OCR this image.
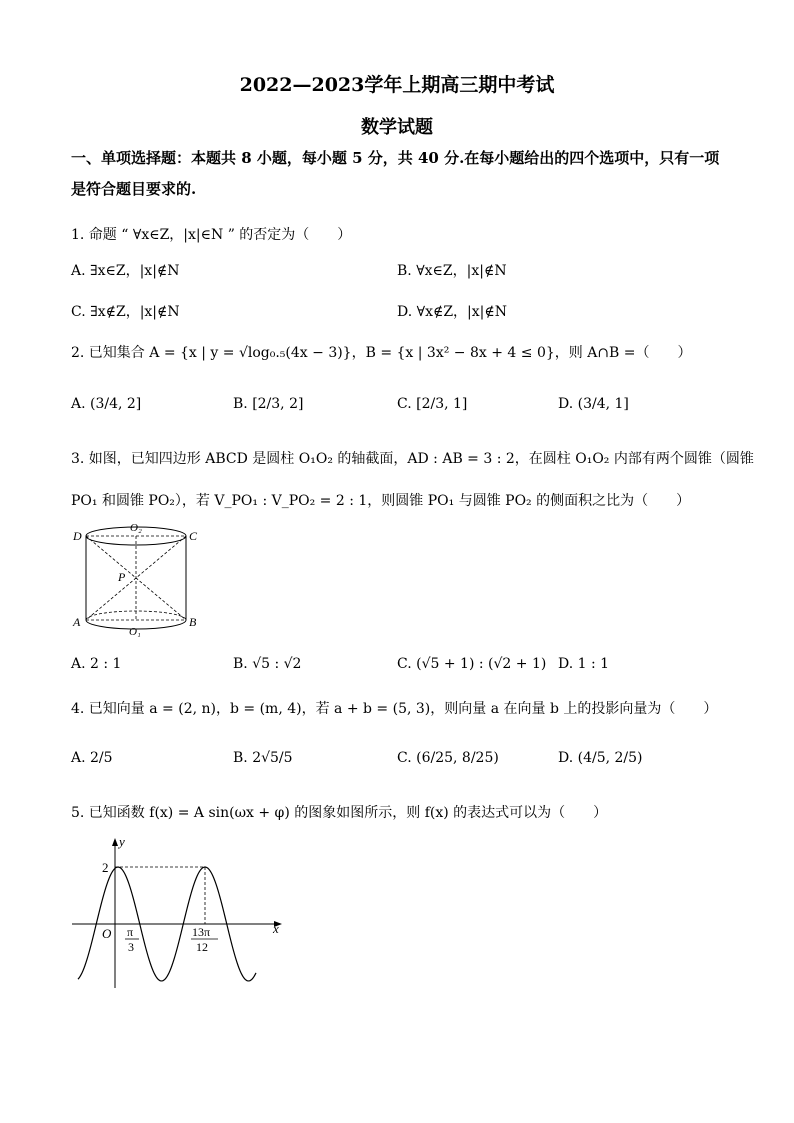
2022—2023学年上期高三期中考试
数学试题
一、单项选择题：本题共 8 小题，每小题 5 分，共 40 分.在每小题给出的四个选项中，只有一项是符合题目要求的.
1. 命题 “ ∀x∈Z，|x|∈N ” 的否定为（　　）
A. ∃x∈Z，|x|∉N	B. ∀x∈Z，|x|∉N
C. ∃x∉Z，|x|∉N	D. ∀x∉Z，|x|∉N
2. 已知集合 A = {x | y = √log₀.₅(4x − 3)}，B = {x | 3x² − 8x + 4 ≤ 0}，则 A∩B =（　　）
A. (3/4, 2]	B. [2/3, 2]	C. [2/3, 1]	D. (3/4, 1]
3. 如图，已知四边形 ABCD 是圆柱 O₁O₂ 的轴截面，AD : AB = 3 : 2，在圆柱 O₁O₂ 内部有两个圆锥（圆锥
PO₁ 和圆锥 PO₂），若 V_PO₁ : V_PO₂ = 2 : 1，则圆锥 PO₁ 与圆锥 PO₂ 的侧面积之比为（　　）
D
O₂
C
P
A
O₁
B
A. 2 : 1	B. √5 : √2	C. (√5 + 1) : (√2 + 1) D. 1 : 1
4. 已知向量 a = (2, n)，b = (m, 4)，若 a + b = (5, 3)，则向量 a 在向量 b 上的投影向量为（　　）
A. 2/5	B. 2√5/5	C. (6/25, 8/25)	D. (4/5, 2/5)
5. 已知函数 f(x) = A sin(ωx + φ) 的图象如图所示，则 f(x) 的表达式可以为（　　）
y
x
O
2
π
3
13π
12
